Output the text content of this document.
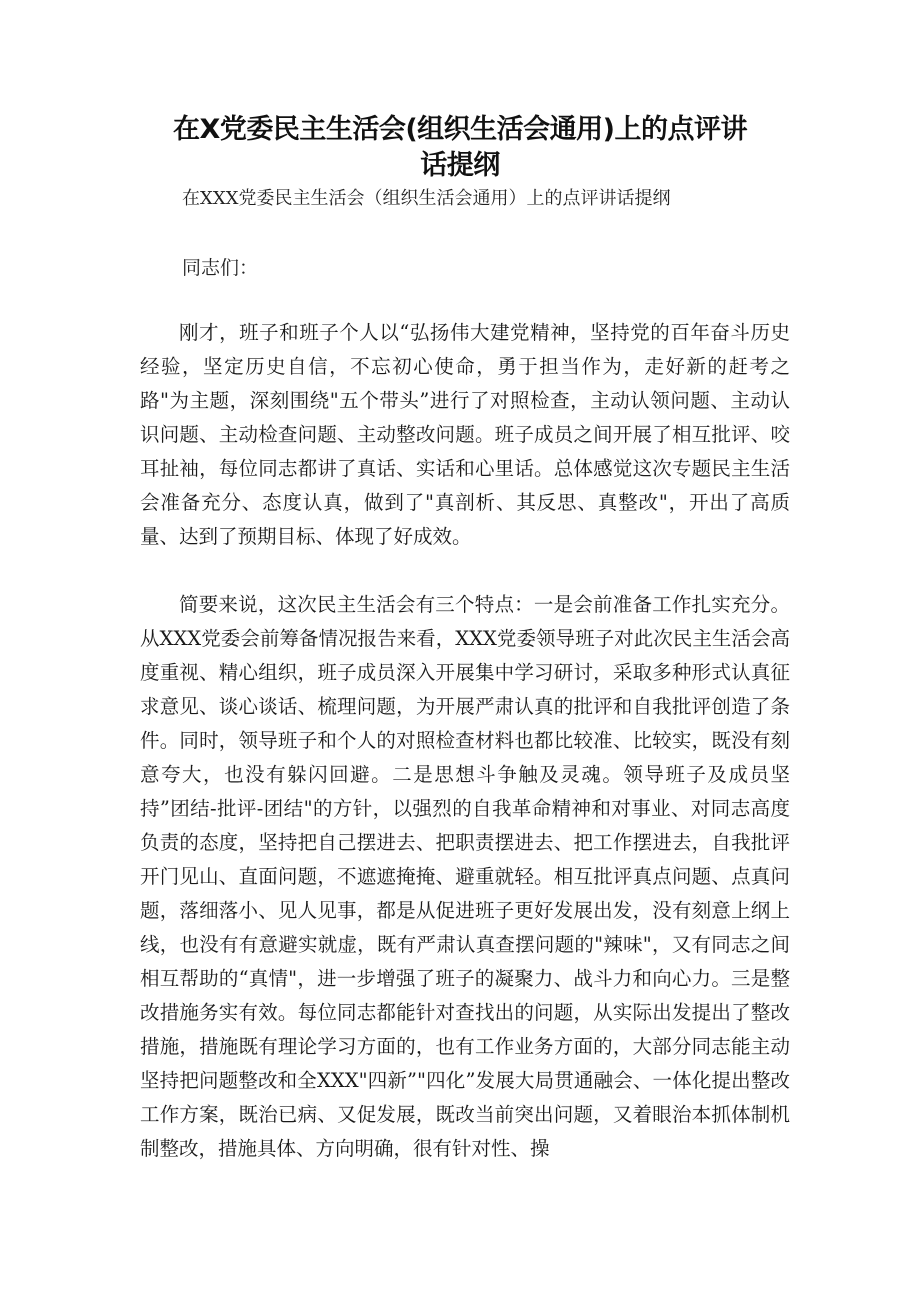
在X党委民主生活会(组织生活会通用)上的点评讲话提纲

在XXX党委民主生活会（组织生活会通用）上的点评讲话提纲

同志们：

刚才，班子和班子个人以“弘扬伟大建党精神，坚持党的百年奋斗历史经验，坚定历史自信，不忘初心使命，勇于担当作为，走好新的赶考之路"为主题，深刻围绕"五个带头”进行了对照检查，主动认领问题、主动认识问题、主动检查问题、主动整改问题。班子成员之间开展了相互批评、咬耳扯袖，每位同志都讲了真话、实话和心里话。总体感觉这次专题民主生活会准备充分、态度认真，做到了"真剖析、其反思、真整改"，开出了高质量、达到了预期目标、体现了好成效。

简要来说，这次民主生活会有三个特点：一是会前准备工作扎实充分。从XXX党委会前筹备情况报告来看，XXX党委领导班子对此次民主生活会高度重视、精心组织，班子成员深入开展集中学习研讨，采取多种形式认真征求意见、谈心谈话、梳理问题，为开展严肃认真的批评和自我批评创造了条件。同时，领导班子和个人的对照检查材料也都比较准、比较实，既没有刻意夸大，也没有躲闪回避。二是思想斗争触及灵魂。领导班子及成员坚持”团结-批评-团结"的方针，以强烈的自我革命精神和对事业、对同志高度负责的态度，坚持把自己摆进去、把职责摆进去、把工作摆进去，自我批评开门见山、直面问题，不遮遮掩掩、避重就轻。相互批评真点问题、点真问题，落细落小、见人见事，都是从促进班子更好发展出发，没有刻意上纲上线，也没有有意避实就虚，既有严肃认真查摆问题的"辣味"，又有同志之间相互帮助的“真情"，进一步增强了班子的凝聚力、战斗力和向心力。三是整改措施务实有效。每位同志都能针对查找出的问题，从实际出发提出了整改措施，措施既有理论学习方面的，也有工作业务方面的，大部分同志能主动坚持把问题整改和全XXX"四新”"四化”发展大局贯通融会、一体化提出整改工作方案，既治已病、又促发展，既改当前突出问题，又着眼治本抓体制机制整改，措施具体、方向明确，很有针对性、操
